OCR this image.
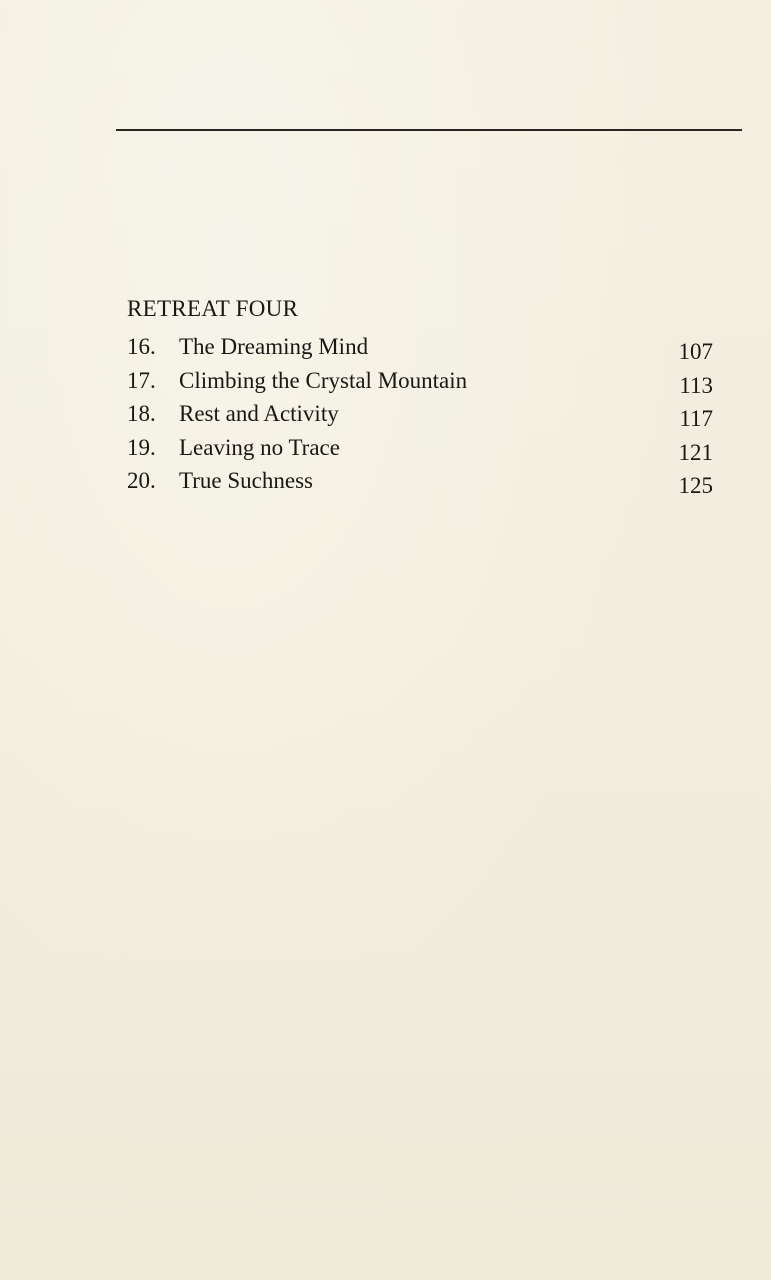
RETREAT FOUR
16. The Dreaming Mind	107
17. Climbing the Crystal Mountain	113
18. Rest and Activity	117
19. Leaving no Trace	121
20. True Suchness	125
